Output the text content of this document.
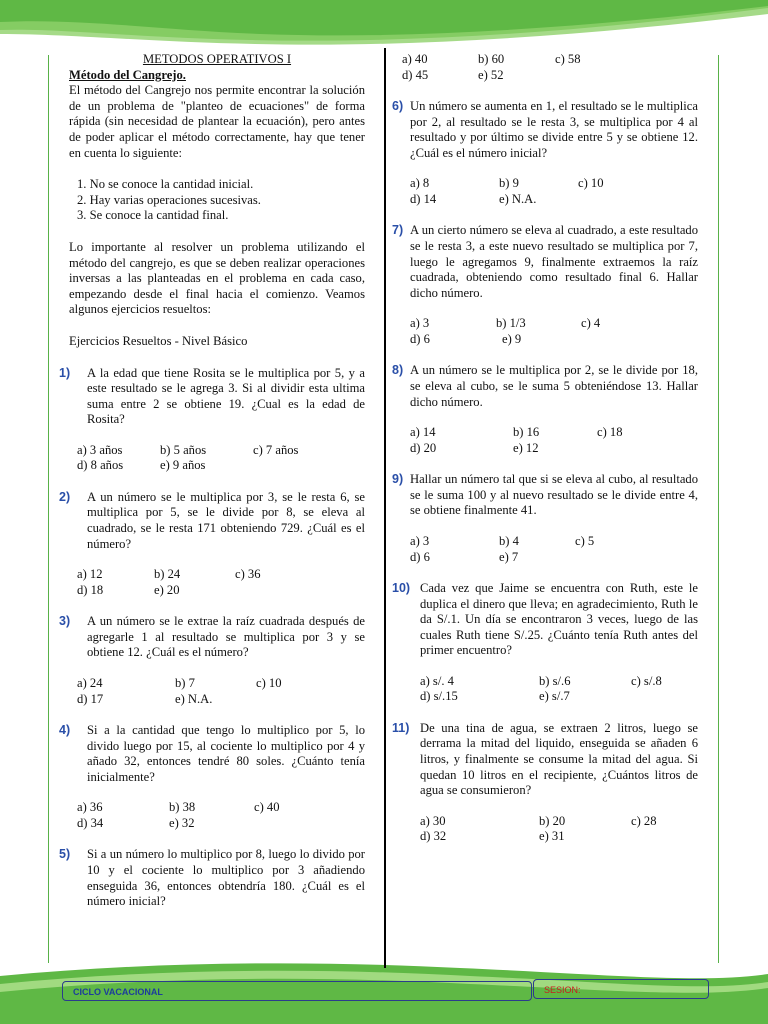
METODOS OPERATIVOS I

Método del Cangrejo.

El método del Cangrejo nos permite encontrar la solución de un problema de "planteo de ecuaciones" de forma rápida (sin necesidad de plantear la ecuación), pero antes de poder aplicar el método correctamente, hay que tener en cuenta lo siguiente:

1. No se conoce la cantidad inicial.
2. Hay varias operaciones sucesivas.
3. Se conoce la cantidad final.

Lo importante al resolver un problema utilizando el método del cangrejo, es que se deben realizar operaciones inversas a las planteadas en el problema en cada caso, empezando desde el final hacia el comienzo. Veamos algunos ejercicios resueltos:

Ejercicios Resueltos - Nivel Básico

1) A la edad que tiene Rosita se le multiplica por 5, y a este resultado se le agrega 3. Si al dividir esta ultima suma entre 2 se obtiene 19. ¿Cual es la edad de Rosita?
a) 3 años	b) 5 años	c) 7 años
d) 8 años	e) 9 años
2) A un número se le multiplica por 3, se le resta 6, se multiplica por 5, se le divide por 8, se eleva al cuadrado, se le resta 171 obteniendo 729. ¿Cuál es el número?
a) 12	b) 24	c) 36
d) 18	e) 20
3) A un número se le extrae la raíz cuadrada después de agregarle 1 al resultado se multiplica por 3 y se obtiene 12. ¿Cuál es el número?
a) 24	b) 7	c) 10
d) 17	e) N.A.
4) Si a la cantidad que tengo lo multiplico por 5, lo divido luego por 15, al cociente lo multiplico por 4 y añado 32, entonces tendré 80 soles. ¿Cuánto tenía inicialmente?
a) 36	b) 38	c) 40
d) 34	e) 32
5) Si a un número lo multiplico por 8, luego lo divido por 10 y el cociente lo multiplico por 3 añadiendo enseguida 36, entonces obtendría 180. ¿Cuál es el número inicial?
a) 40	b) 60	c) 58
d) 45	e) 52
6) Un número se aumenta en 1, el resultado se le multiplica por 2, al resultado se le resta 3, se multiplica por 4 al resultado y por último se divide entre 5 y se obtiene 12. ¿Cuál es el número inicial?
a) 8	b) 9	c) 10
d) 14	e) N.A.
7) A un cierto número se eleva al cuadrado, a este resultado se le resta 3, a este nuevo resultado se multiplica por 7, luego le agregamos 9, finalmente extraemos la raíz cuadrada, obteniendo como resultado final 6. Hallar dicho número.
a) 3	b) 1/3	c) 4
d) 6	e) 9
8) A un número se le multiplica por 2, se le divide por 18, se eleva al cubo, se le suma 5 obteniéndose 13. Hallar dicho número.
a) 14	b) 16	c) 18
d) 20	e) 12
9) Hallar un número tal que si se eleva al cubo, al resultado se le suma 100 y al nuevo resultado se le divide entre 4, se obtiene finalmente 41.
a) 3	b) 4	c) 5
d) 6	e) 7
10) Cada vez que Jaime se encuentra con Ruth, este le duplica el dinero que lleva; en agradecimiento, Ruth le da S/.1. Un día se encontraron 3 veces, luego de las cuales Ruth tiene S/.25. ¿Cuánto tenía Ruth antes del primer encuentro?
a) s/. 4	b) s/.6	c) s/.8
d) s/.15	e) s/.7
11) De una tina de agua, se extraen 2 litros, luego se derrama la mitad del liquido, enseguida se añaden 6 litros, y finalmente se consume la mitad del agua. Si quedan 10 litros en el recipiente, ¿Cuántos litros de agua se consumieron?
a) 30	b) 20	c) 28
d) 32	e) 31
CICLO VACACIONAL	SESION:
